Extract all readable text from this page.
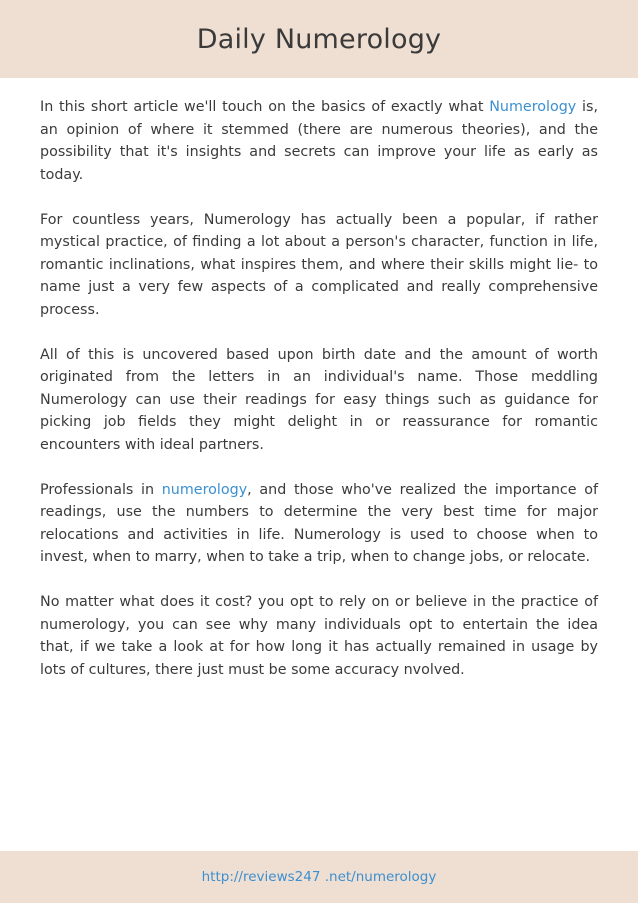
Daily Numerology

In this short article we'll touch on the basics of exactly what Numerology is, an opinion of where it stemmed (there are numerous theories), and the possibility that it's insights and secrets can improve your life as early as today.

For countless years, Numerology has actually been a popular, if rather mystical practice, of finding a lot about a person's character, function in life, romantic inclinations, what inspires them, and where their skills might lie- to name just a very few aspects of a complicated and really comprehensive process.

All of this is uncovered based upon birth date and the amount of worth originated from the letters in an individual's name. Those meddling Numerology can use their readings for easy things such as guidance for picking job fields they might delight in or reassurance for romantic encounters with ideal partners.

Professionals in numerology, and those who've realized the importance of readings, use the numbers to determine the very best time for major relocations and activities in life. Numerology is used to choose when to invest, when to marry, when to take a trip, when to change jobs, or relocate.

No matter what does it cost? you opt to rely on or believe in the practice of numerology, you can see why many individuals opt to entertain the idea that, if we take a look at for how long it has actually remained in usage by lots of cultures, there just must be some accuracy nvolved.

http://reviews247 .net/numerology
